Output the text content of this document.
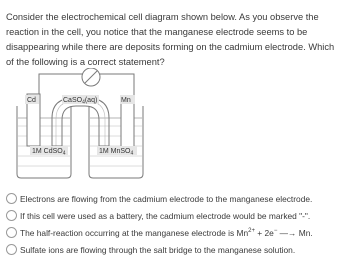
Consider the electrochemical cell diagram shown below. As you observe the reaction in the cell, you notice that the manganese electrode seems to be disappearing while there are deposits forming on the cadmium electrode. Which of the following is a correct statement?

Cd	Mn
CaSO$_4$(aq)
1M CdSO$_4$	1M MnSO$_4$
Electrons are flowing from the cadmium electrode to the manganese electrode.
If this cell were used as a battery, the cadmium electrode would be marked "-".
The half-reaction occurring at the manganese electrode is $Mn^{2+} + 2e^-$ —→ Mn.
Sulfate ions are flowing through the salt bridge to the manganese solution.
